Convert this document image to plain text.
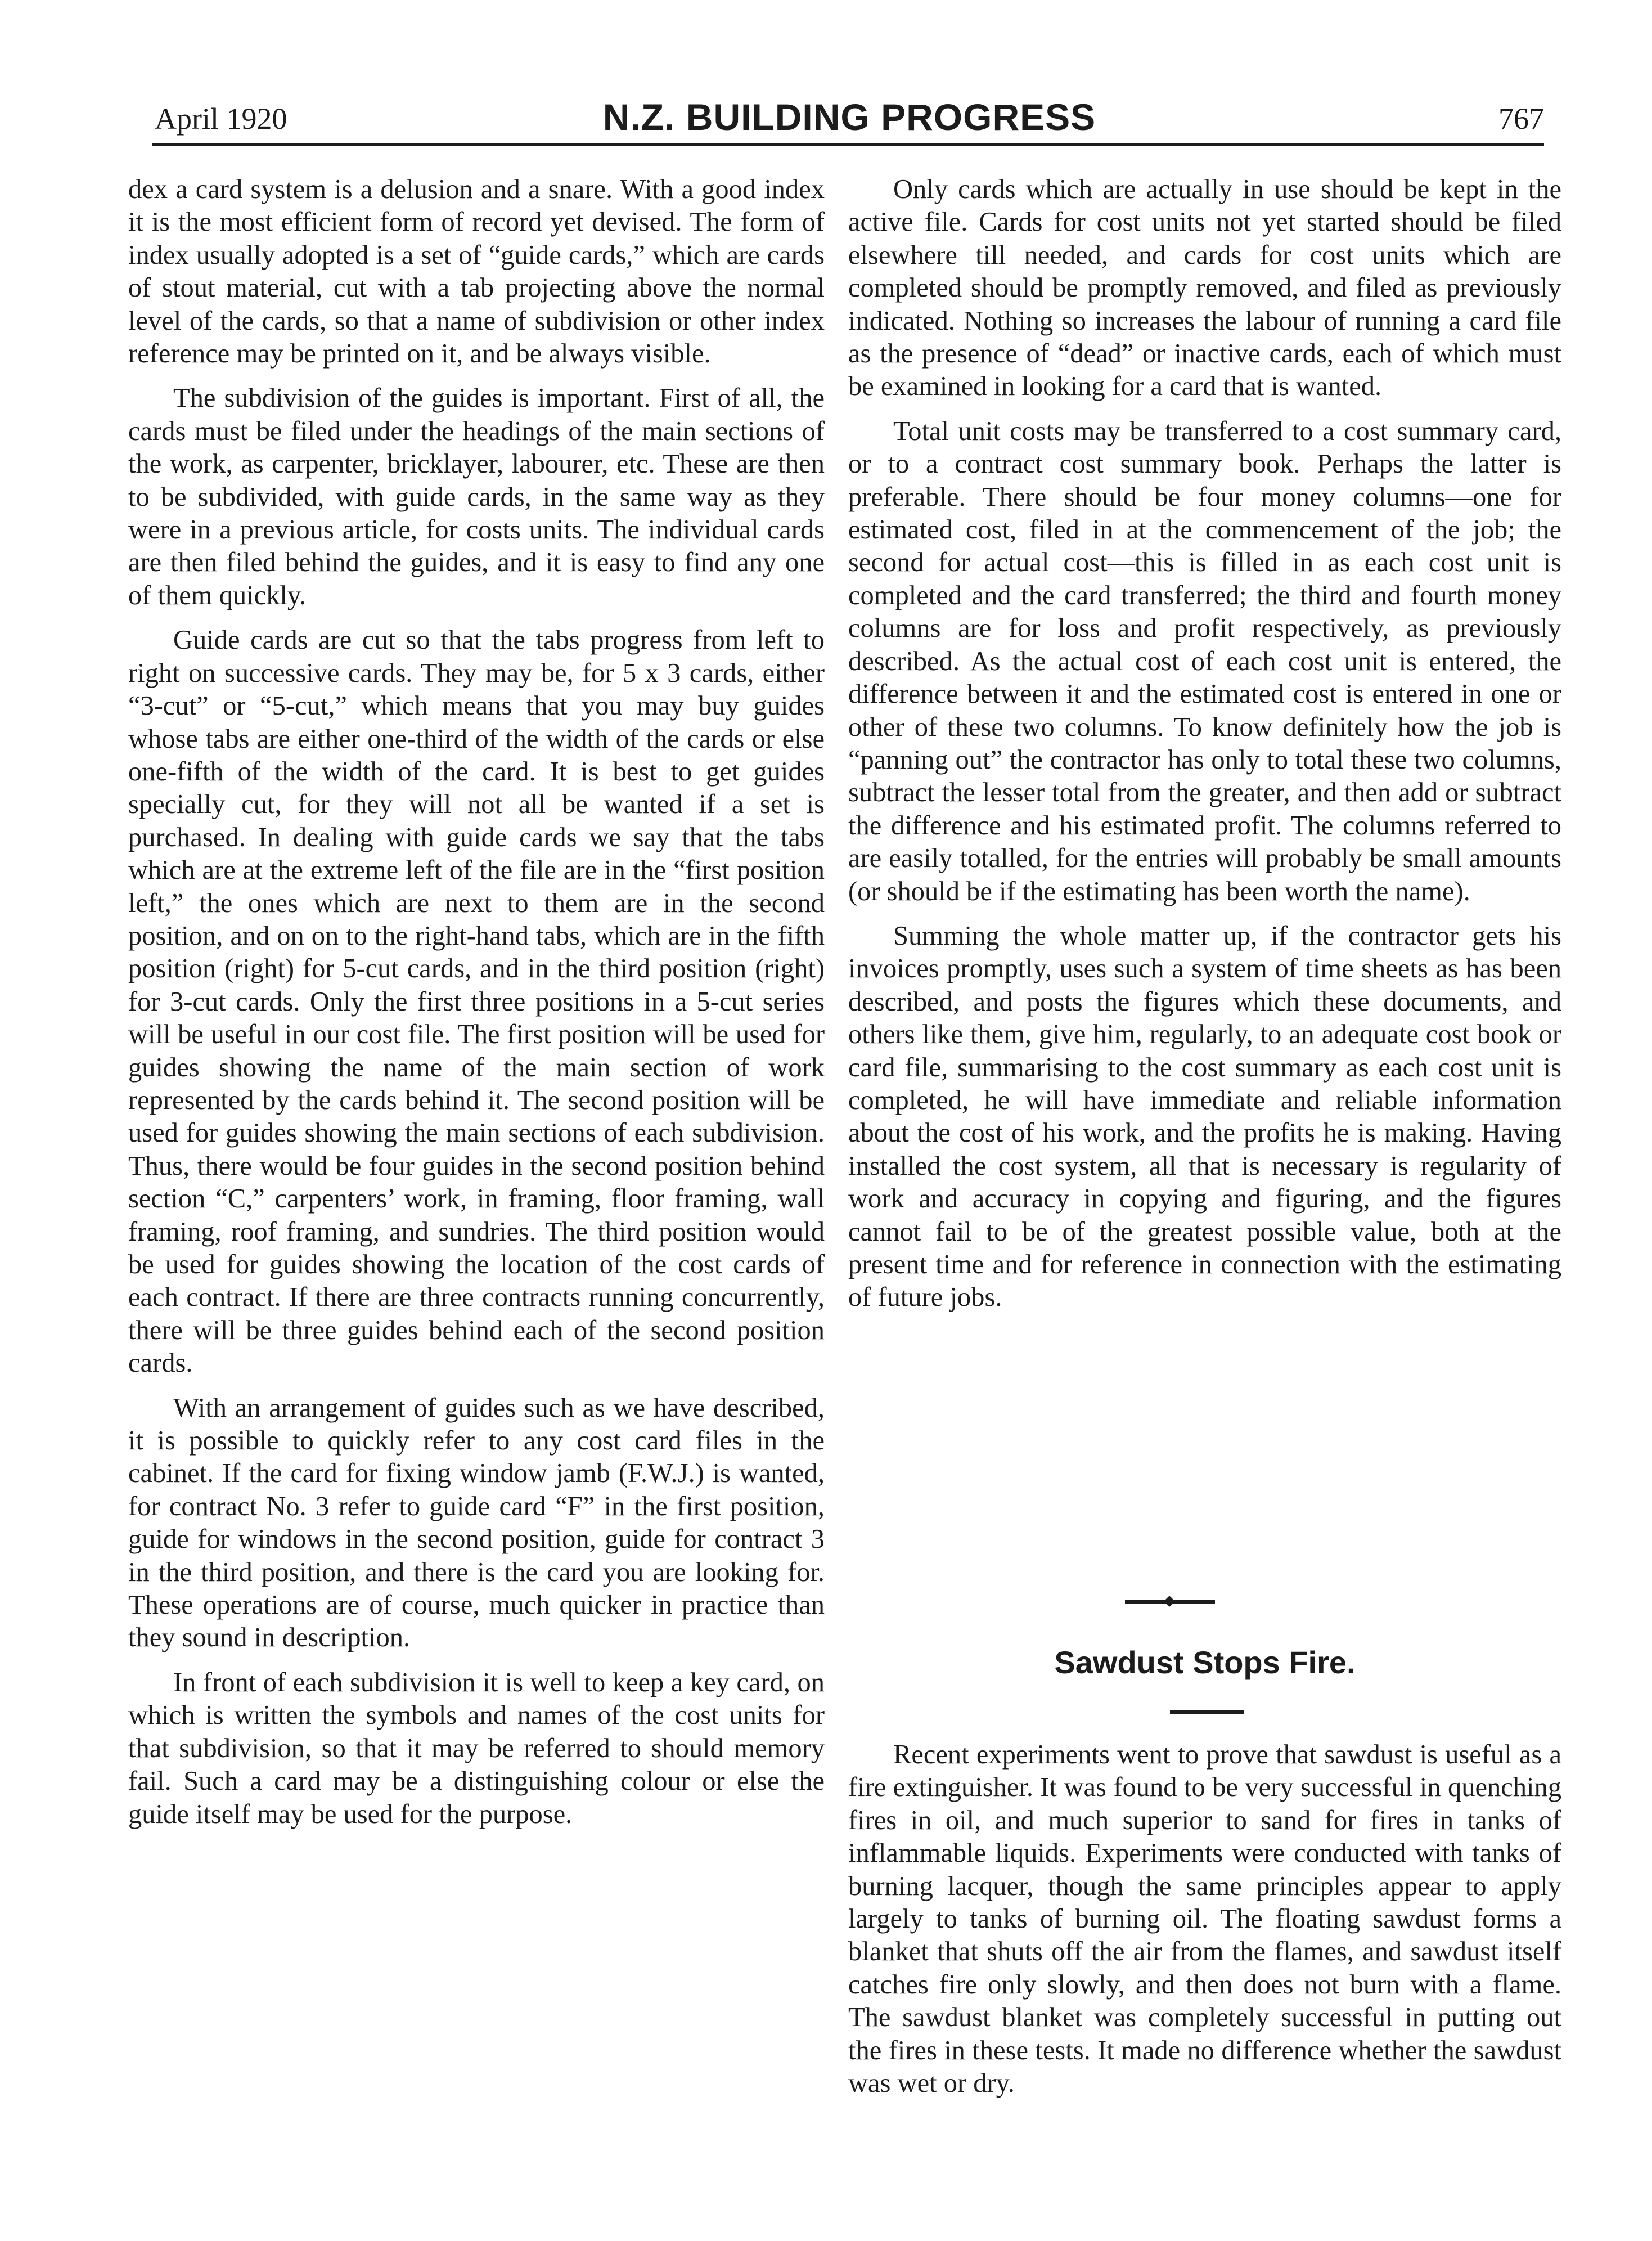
April 1920	N.Z. BUILDING PROGRESS	767

dex a card system is a delusion and a snare. With a good index it is the most efficient form of record yet devised. The form of index usually adopted is a set of “guide cards,” which are cards of stout material, cut with a tab projecting above the normal level of the cards, so that a name of subdivision or other index reference may be printed on it, and be always visible.

The subdivision of the guides is important. First of all, the cards must be filed under the headings of the main sections of the work, as carpenter, bricklayer, labourer, etc. These are then to be subdivided, with guide cards, in the same way as they were in a previous article, for costs units. The individual cards are then filed behind the guides, and it is easy to find any one of them quickly.

Guide cards are cut so that the tabs progress from left to right on successive cards. They may be, for 5 x 3 cards, either “3-cut” or “5-cut,” which means that you may buy guides whose tabs are either one-third of the width of the cards or else one-fifth of the width of the card. It is best to get guides specially cut, for they will not all be wanted if a set is purchased. In dealing with guide cards we say that the tabs which are at the extreme left of the file are in the “first position left,” the ones which are next to them are in the second position, and on on to the right-hand tabs, which are in the fifth position (right) for 5-cut cards, and in the third position (right) for 3-cut cards. Only the first three positions in a 5-cut series will be useful in our cost file. The first position will be used for guides showing the name of the main section of work represented by the cards behind it. The second position will be used for guides showing the main sections of each subdivision. Thus, there would be four guides in the second position behind section “C,” carpenters’ work, in framing, floor framing, wall framing, roof framing, and sundries. The third position would be used for guides showing the location of the cost cards of each contract. If there are three contracts running concurrently, there will be three guides behind each of the second position cards.

With an arrangement of guides such as we have described, it is possible to quickly refer to any cost card files in the cabinet. If the card for fixing window jamb (F.W.J.) is wanted, for contract No. 3 refer to guide card “F” in the first position, guide for windows in the second position, guide for contract 3 in the third position, and there is the card you are looking for. These operations are of course, much quicker in practice than they sound in description.

In front of each subdivision it is well to keep a key card, on which is written the symbols and names of the cost units for that subdivision, so that it may be referred to should memory fail. Such a card may be a distinguishing colour or else the guide itself may be used for the purpose.

Only cards which are actually in use should be kept in the active file. Cards for cost units not yet started should be filed elsewhere till needed, and cards for cost units which are completed should be promptly removed, and filed as previously indicated. Nothing so increases the labour of running a card file as the presence of “dead” or inactive cards, each of which must be examined in looking for a card that is wanted.

Total unit costs may be transferred to a cost summary card, or to a contract cost summary book. Perhaps the latter is preferable. There should be four money columns—one for estimated cost, filed in at the commencement of the job; the second for actual cost—this is filled in as each cost unit is completed and the card transferred; the third and fourth money columns are for loss and profit respectively, as previously described. As the actual cost of each cost unit is entered, the difference between it and the estimated cost is entered in one or other of these two columns. To know definitely how the job is “panning out” the contractor has only to total these two columns, subtract the lesser total from the greater, and then add or subtract the difference and his estimated profit. The columns referred to are easily totalled, for the entries will probably be small amounts (or should be if the estimating has been worth the name).

Summing the whole matter up, if the contractor gets his invoices promptly, uses such a system of time sheets as has been described, and posts the figures which these documents, and others like them, give him, regularly, to an adequate cost book or card file, summarising to the cost summary as each cost unit is completed, he will have immediate and reliable information about the cost of his work, and the profits he is making. Having installed the cost system, all that is necessary is regularity of work and accuracy in copying and figuring, and the figures cannot fail to be of the greatest possible value, both at the present time and for reference in connection with the estimating of future jobs.

Sawdust Stops Fire.

Recent experiments went to prove that sawdust is useful as a fire extinguisher. It was found to be very successful in quenching fires in oil, and much superior to sand for fires in tanks of inflammable liquids. Experiments were conducted with tanks of burning lacquer, though the same principles appear to apply largely to tanks of burning oil. The floating sawdust forms a blanket that shuts off the air from the flames, and sawdust itself catches fire only slowly, and then does not burn with a flame. The sawdust blanket was completely successful in putting out the fires in these tests. It made no difference whether the sawdust was wet or dry.
